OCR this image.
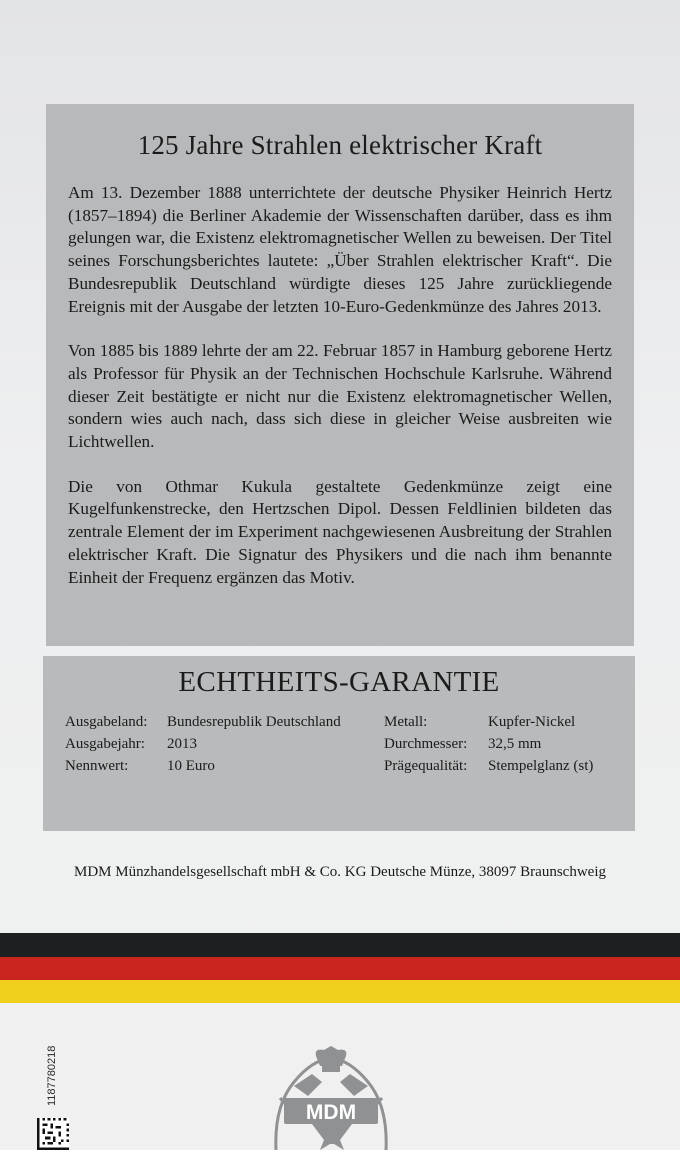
125 Jahre Strahlen elektrischer Kraft

Am 13. Dezember 1888 unterrichtete der deutsche Physiker Heinrich Hertz (1857–1894) die Berliner Akademie der Wissenschaften darüber, dass es ihm gelungen war, die Existenz elektromagnetischer Wellen zu beweisen. Der Titel seines Forschungsberichtes lautete: „Über Strahlen elektrischer Kraft“. Die Bundesrepublik Deutschland würdigte dieses 125 Jahre zurückliegende Ereignis mit der Ausgabe der letzten 10-Euro-Gedenkmünze des Jahres 2013.

Von 1885 bis 1889 lehrte der am 22. Februar 1857 in Hamburg geborene Hertz als Professor für Physik an der Technischen Hochschule Karlsruhe. Während dieser Zeit bestätigte er nicht nur die Existenz elektromagnetischer Wellen, sondern wies auch nach, dass sich diese in gleicher Weise ausbreiten wie Lichtwellen.

Die von Othmar Kukula gestaltete Gedenkmünze zeigt eine Kugelfunkenstrecke, den Hertzschen Dipol. Dessen Feldlinien bildeten das zentrale Element der im Experiment nachgewiesenen Ausbreitung der Strahlen elektrischer Kraft. Die Signatur des Physikers und die nach ihm benannte Einheit der Frequenz ergänzen das Motiv.

ECHTHEITS-GARANTIE
Ausgabeland:	Bundesrepublik Deutschland
Ausgabejahr:	2013
Nennwert:	10 Euro
Metall:	Kupfer-Nickel
Durchmesser:	32,5 mm
Prägequalität:	Stempelglanz (st)
MDM Münzhandelsgesellschaft mbH & Co. KG Deutsche Münze, 38097 Braunschweig
1187780218
MDM
